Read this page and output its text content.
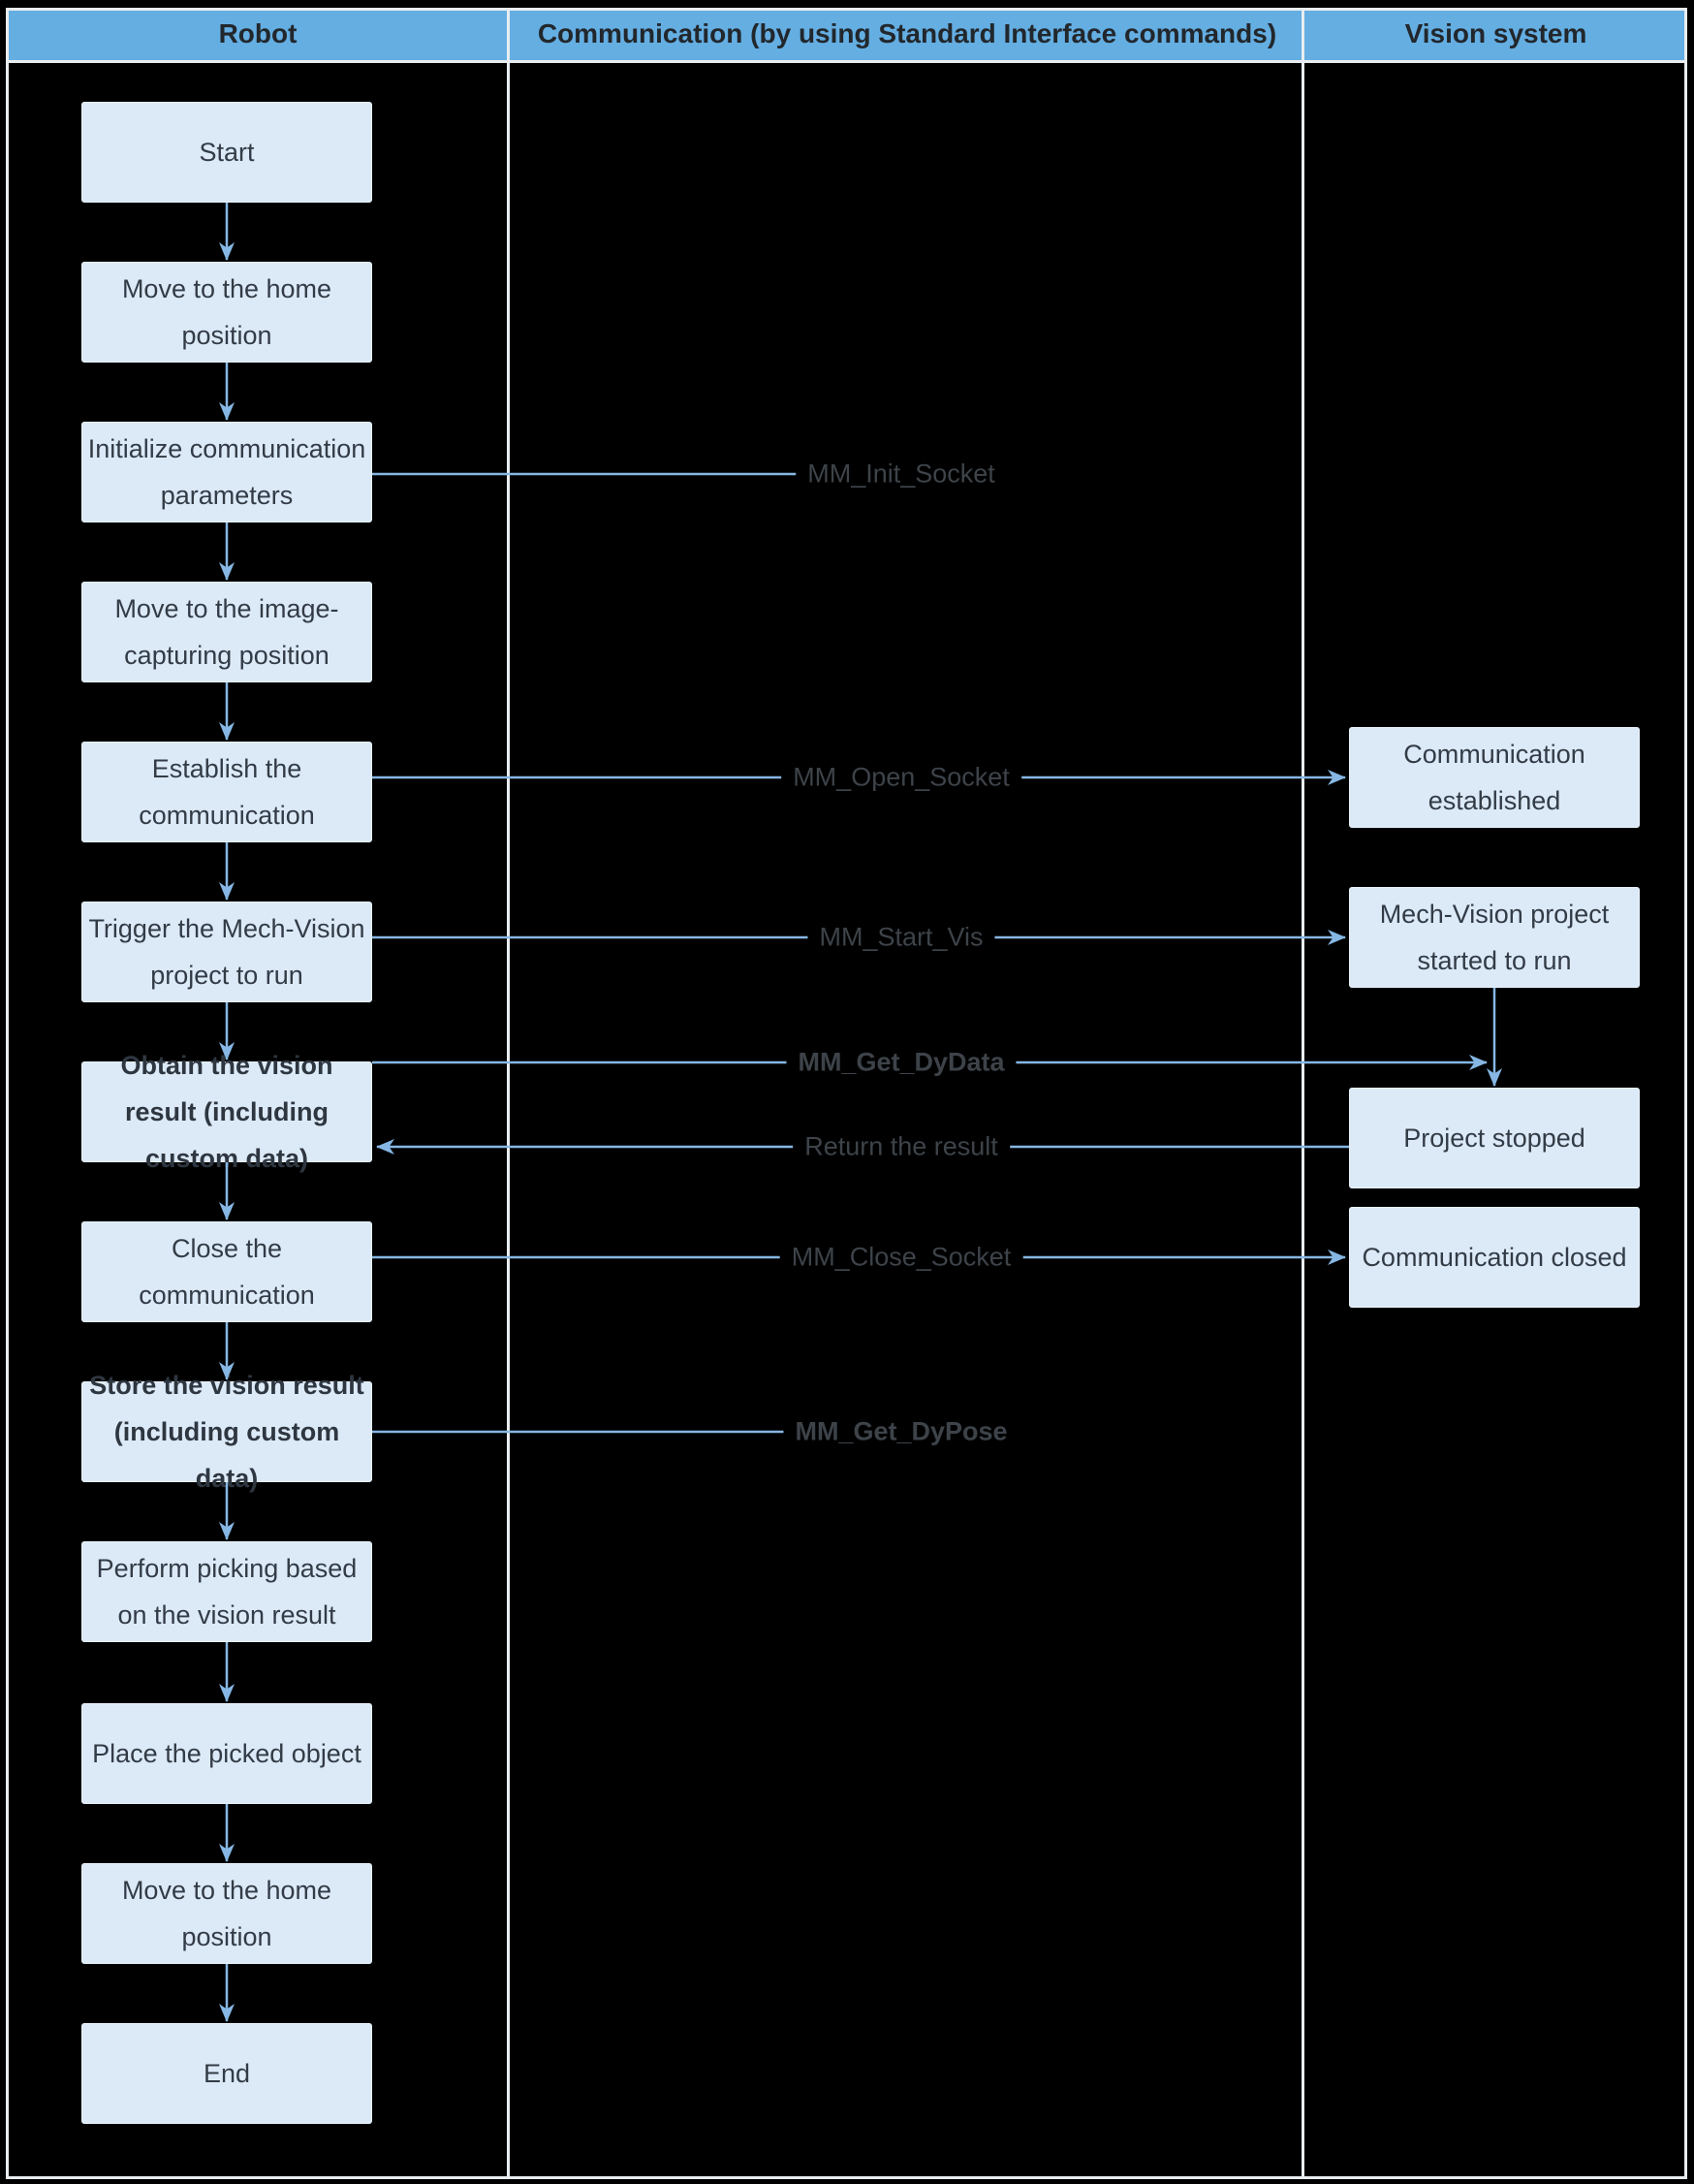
Robot	Communication (by using Standard Interface commands)	Vision system
Start
Move to the home position
Initialize communication parameters
Move to the image-capturing position
Establish the communication
Trigger the Mech-Vision project to run
Obtain the vision result (including custom data)
Close the communication
Store the vision result (including custom data)
Perform picking based on the vision result
Place the picked object
Move to the home position
End
Communication established
Mech-Vision project started to run
Project stopped
Communication closed
MM_Init_Socket
MM_Open_Socket
MM_Start_Vis
MM_Get_DyData
Return the result
MM_Close_Socket
MM_Get_DyPose
